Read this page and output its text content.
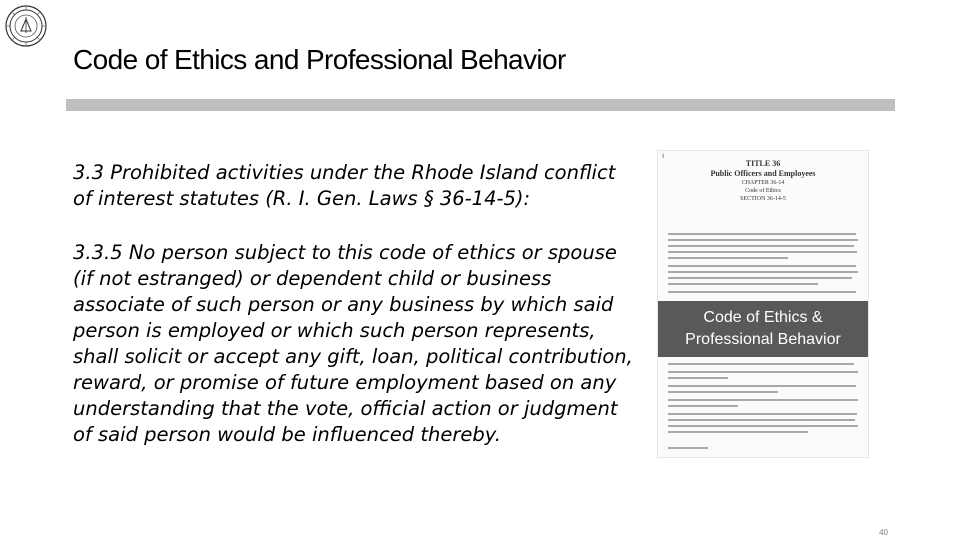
Code of Ethics and Professional Behavior

3.3 Prohibited activities under the Rhode Island conflict of interest statutes (R. I. Gen. Laws § 36-14-5):

3.3.5 No person subject to this code of ethics or spouse (if not estranged) or dependent child or business associate of such person or any business by which said person is employed or which such person represents, shall solicit or accept any gift, loan, political contribution, reward, or promise of future employment based on any understanding that the vote, official action or judgment of said person would be influenced thereby.

§
TITLE 36
Public Officers and Employees
CHAPTER 36-14
Code of Ethics
SECTION 36-14-5
Code of Ethics & Professional Behavior
40
